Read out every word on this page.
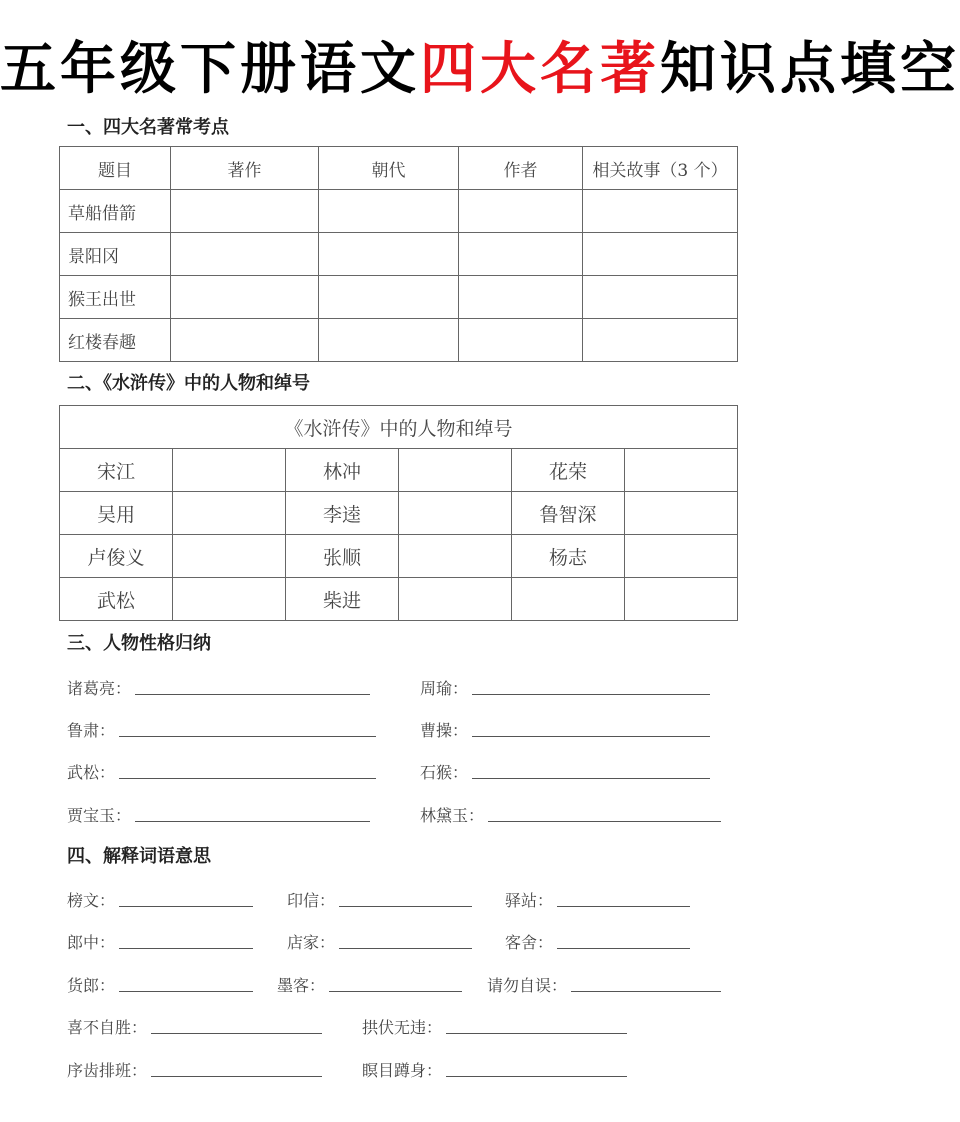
五年级下册语文四大名著知识点填空
一、四大名著常考点
题目	著作	朝代	作者	相关故事（3 个）
草船借箭				
景阳冈				
猴王出世				
红楼春趣				
二、《水浒传》中的人物和绰号
《水浒传》中的人物和绰号					
宋江		林冲		花荣	
吴用		李逵		鲁智深	
卢俊义		张顺		杨志	
武松		柴进			
三、人物性格归纳
四、解释词语意思
诸葛亮：	周瑜：
鲁肃：	曹操：
武松：	石猴：
贾宝玉：	林黛玉：
榜文：	印信：	驿站：
郎中：	店家：	客舍：
货郎：	墨客：	请勿自误：
喜不自胜：	拱伏无违：
序齿排班：	瞑目蹲身：
